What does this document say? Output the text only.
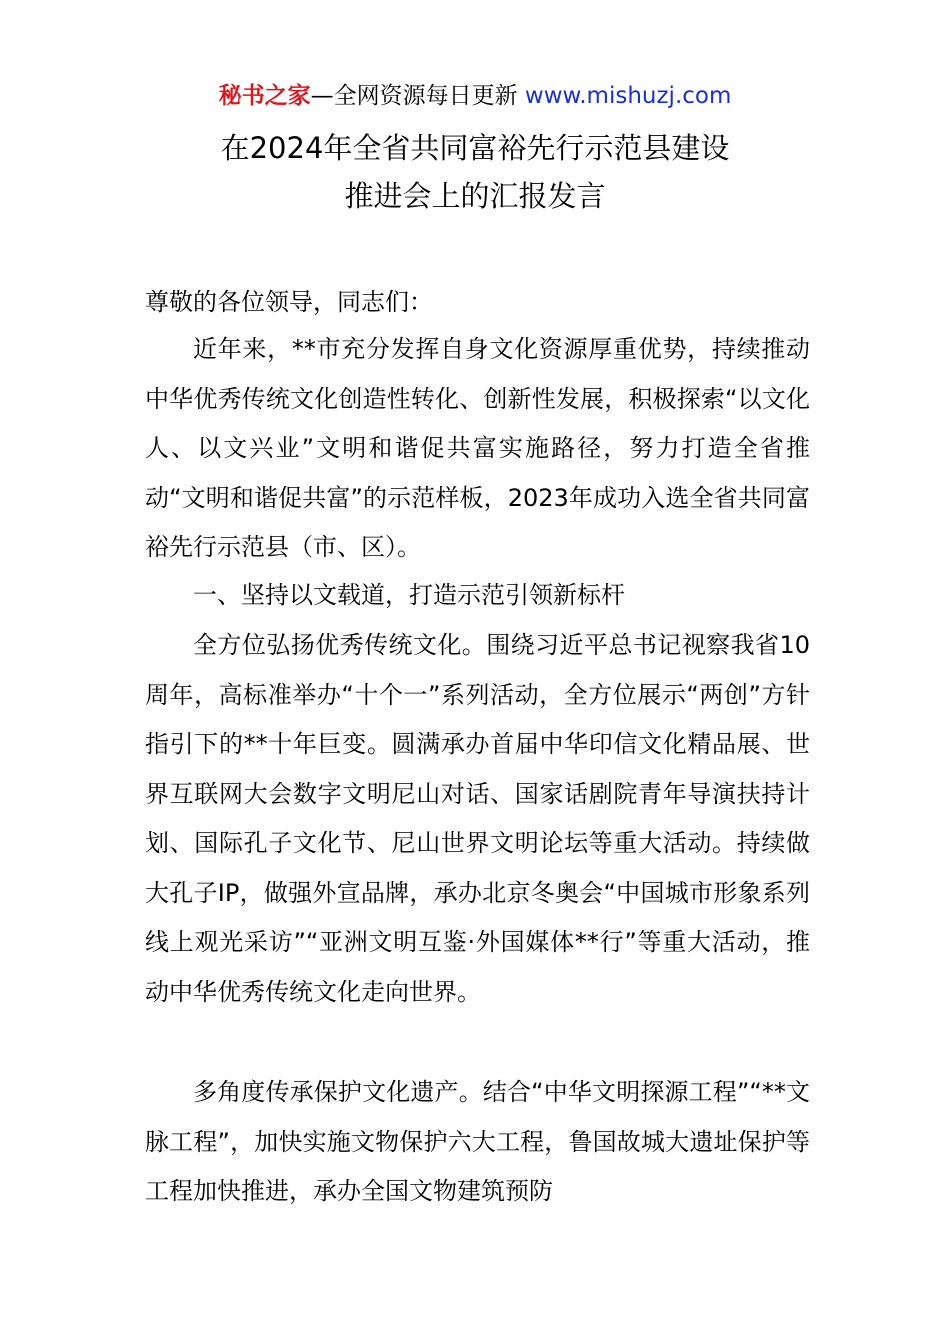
秘书之家—全网资源每日更新 www.mishuzj.com
在2024年全省共同富裕先行示范县建设
推进会上的汇报发言
尊敬的各位领导，同志们：

近年来，**市充分发挥自身文化资源厚重优势，持续推动中华优秀传统文化创造性转化、创新性发展，积极探索“以文化人、以文兴业”文明和谐促共富实施路径，努力打造全省推动“文明和谐促共富”的示范样板，2023年成功入选全省共同富裕先行示范县（市、区）。

一、坚持以文载道，打造示范引领新标杆

全方位弘扬优秀传统文化。围绕习近平总书记视察我省10周年，高标准举办“十个一”系列活动，全方位展示“两创”方针指引下的**十年巨变。圆满承办首届中华印信文化精品展、世界互联网大会数字文明尼山对话、国家话剧院青年导演扶持计划、国际孔子文化节、尼山世界文明论坛等重大活动。持续做大孔子IP，做强外宣品牌，承办北京冬奥会“中国城市形象系列线上观光采访”“亚洲文明互鉴·外国媒体**行”等重大活动，推动中华优秀传统文化走向世界。

多角度传承保护文化遗产。结合“中华文明探源工程”“**文脉工程”，加快实施文物保护六大工程，鲁国故城大遗址保护等工程加快推进，承办全国文物建筑预防
